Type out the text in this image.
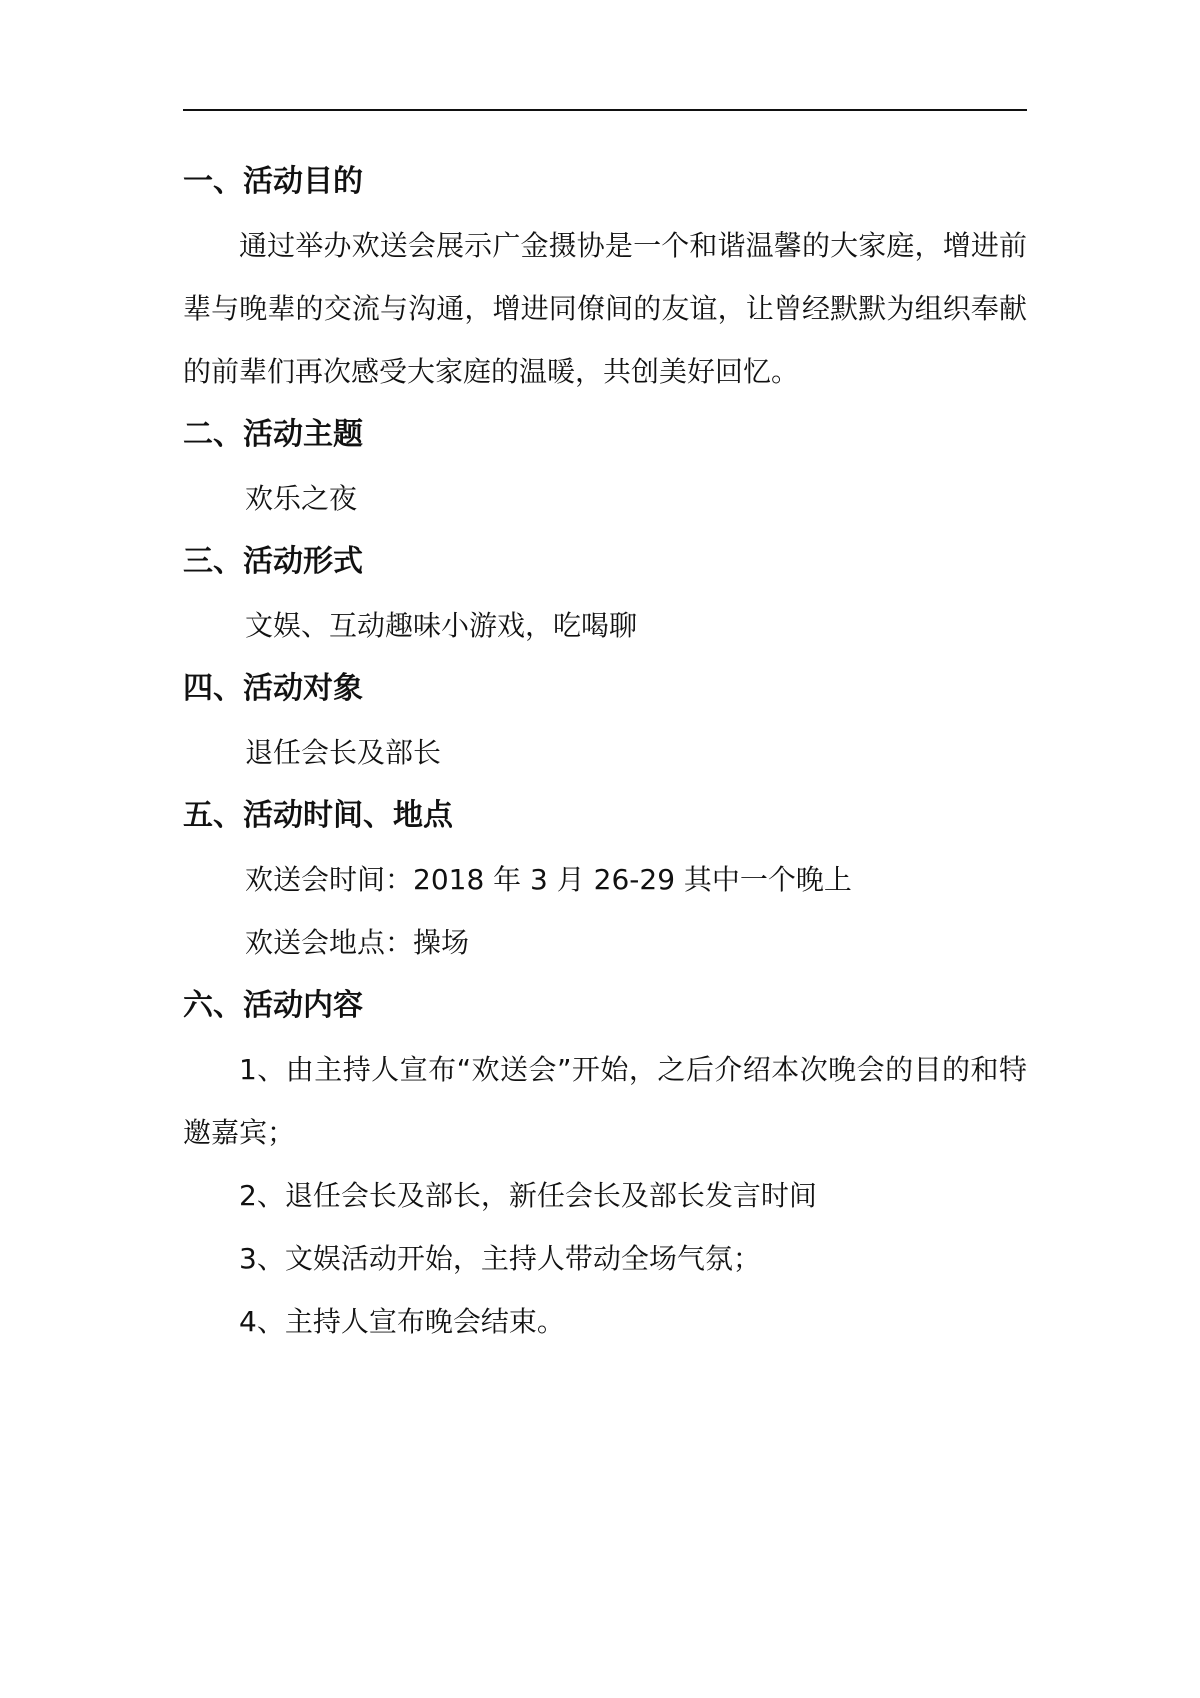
一、活动目的

通过举办欢送会展示广金摄协是一个和谐温馨的大家庭，增进前辈与晚辈的交流与沟通，增进同僚间的友谊，让曾经默默为组织奉献的前辈们再次感受大家庭的温暖，共创美好回忆。

二、活动主题

欢乐之夜

三、活动形式

文娱、互动趣味小游戏，吃喝聊

四、活动对象

退任会长及部长

五、活动时间、地点

欢送会时间：2018 年 3 月 26-29 其中一个晚上

欢送会地点：操场

六、活动内容

1、由主持人宣布“欢送会”开始，之后介绍本次晚会的目的和特邀嘉宾；

2、退任会长及部长，新任会长及部长发言时间

3、文娱活动开始，主持人带动全场气氛；

4、主持人宣布晚会结束。
